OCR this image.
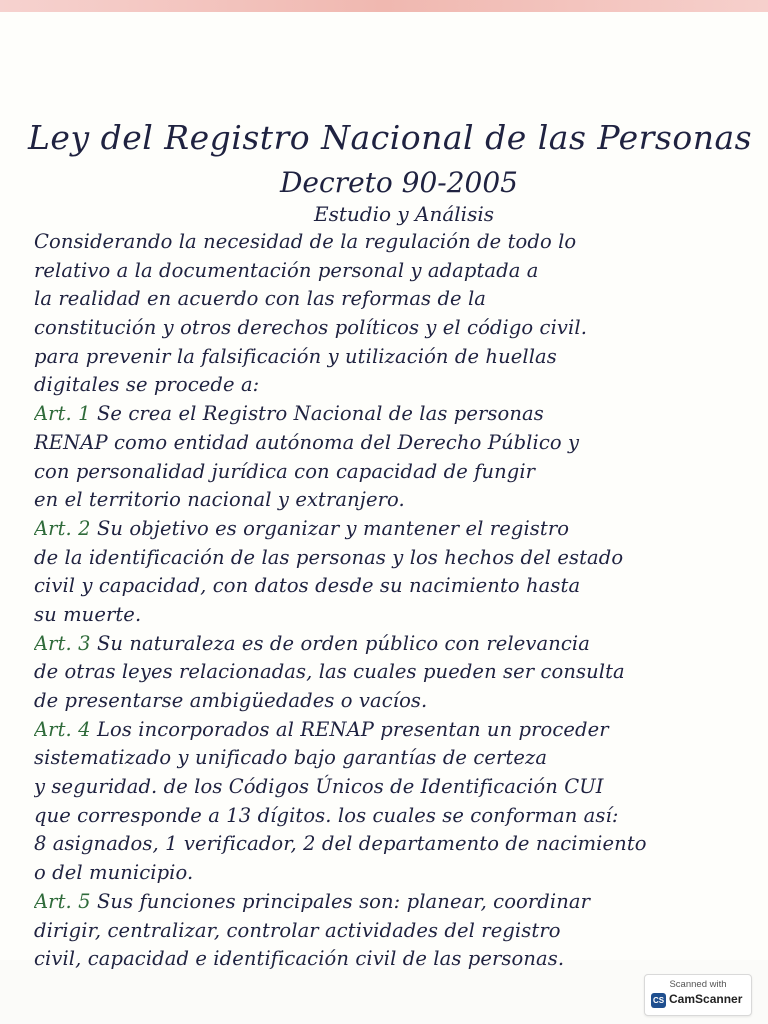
Ley del Registro Nacional de las Personas
Decreto 90-2005
Estudio y Análisis
Considerando la necesidad de la regulación de todo lo
relativo a la documentación personal y adaptada a
la realidad en acuerdo con las reformas de la
constitución y otros derechos políticos y el código civil.
para prevenir la falsificación y utilización de huellas
digitales se procede a:
Art. 1 Se crea el Registro Nacional de las personas
RENAP como entidad autónoma del Derecho Público y
con personalidad jurídica con capacidad de fungir
en el territorio nacional y extranjero.
Art. 2 Su objetivo es organizar y mantener el registro
de la identificación de las personas y los hechos del estado
civil y capacidad, con datos desde su nacimiento hasta
su muerte.
Art. 3 Su naturaleza es de orden público con relevancia
de otras leyes relacionadas, las cuales pueden ser consulta
de presentarse ambigüedades o vacíos.
Art. 4 Los incorporados al RENAP presentan un proceder
sistematizado y unificado bajo garantías de certeza
y seguridad. de los Códigos Únicos de Identificación CUI
que corresponde a 13 dígitos. los cuales se conforman así:
8 asignados, 1 verificador, 2 del departamento de nacimiento
o del municipio.
Art. 5 Sus funciones principales son: planear, coordinar
dirigir, centralizar, controlar actividades del registro
civil, capacidad e identificación civil de las personas.
Scanned with
CS CamScanner
